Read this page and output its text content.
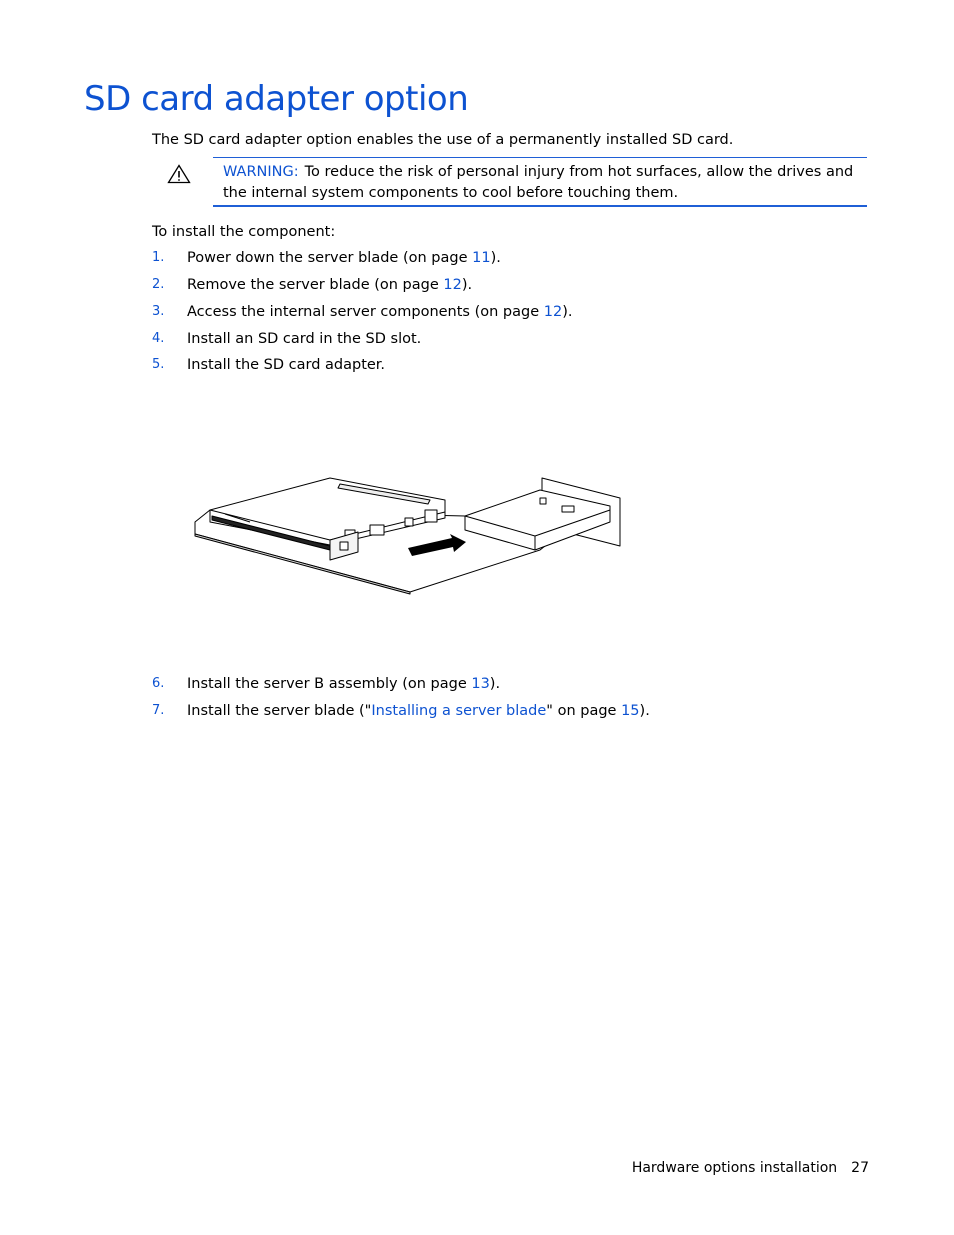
SD card adapter option
The SD card adapter option enables the use of a permanently installed SD card.
WARNING: To reduce the risk of personal injury from hot surfaces, allow the drives and the internal system components to cool before touching them.
To install the component:
1. Power down the server blade (on page 11).
2. Remove the server blade (on page 12).
3. Access the internal server components (on page 12).
4. Install an SD card in the SD slot.
5. Install the SD card adapter.
6. Install the server B assembly (on page 13).
7. Install the server blade ("Installing a server blade" on page 15).
Hardware options installation 27
